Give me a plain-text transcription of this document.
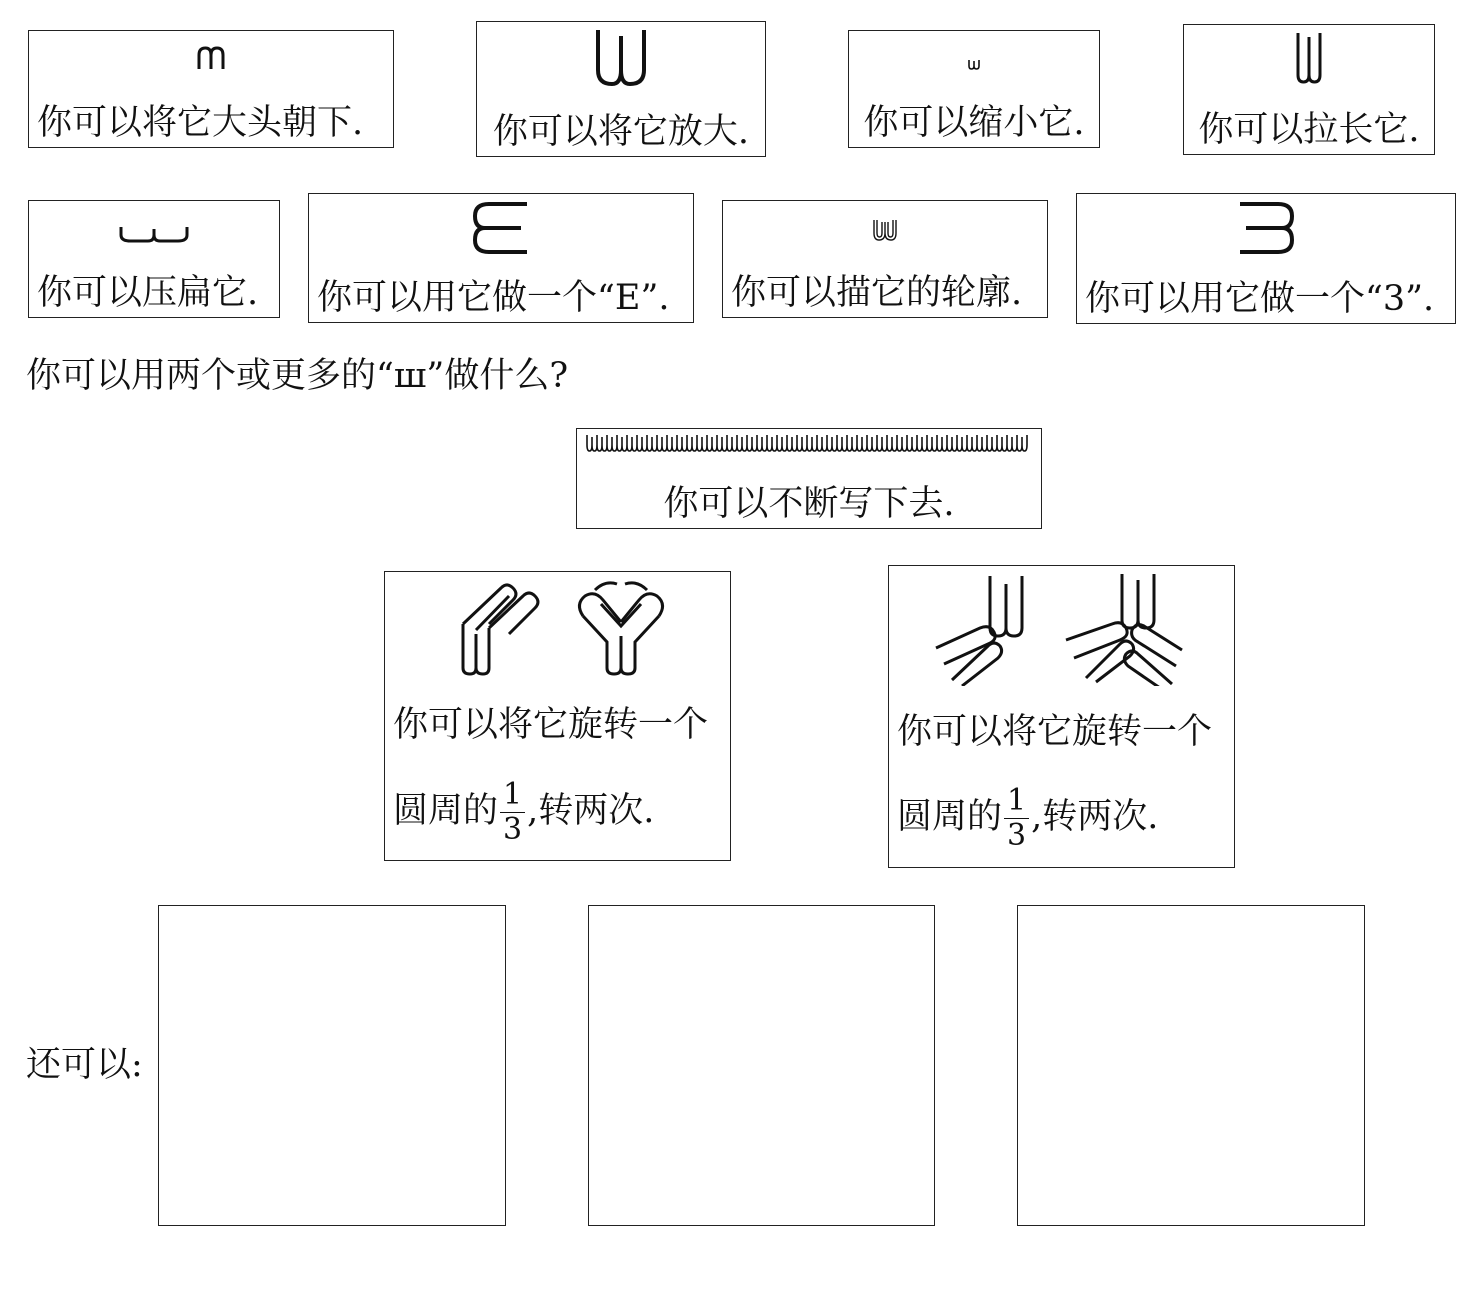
你可以将它大头朝下.	你可以将它放大.	你可以缩小它.	你可以拉长它.
你可以压扁它.	你可以用它做一个“E”.	你可以描它的轮廓.	你可以用它做一个“3”.
你可以用两个或更多的“ш”做什么?
你可以不断写下去.
你可以将它旋转一个
圆周的 $\frac{1}{3}$ ,转两次.
你可以将它旋转一个
圆周的 $\frac{1}{3}$ ,转两次.
还可以:
